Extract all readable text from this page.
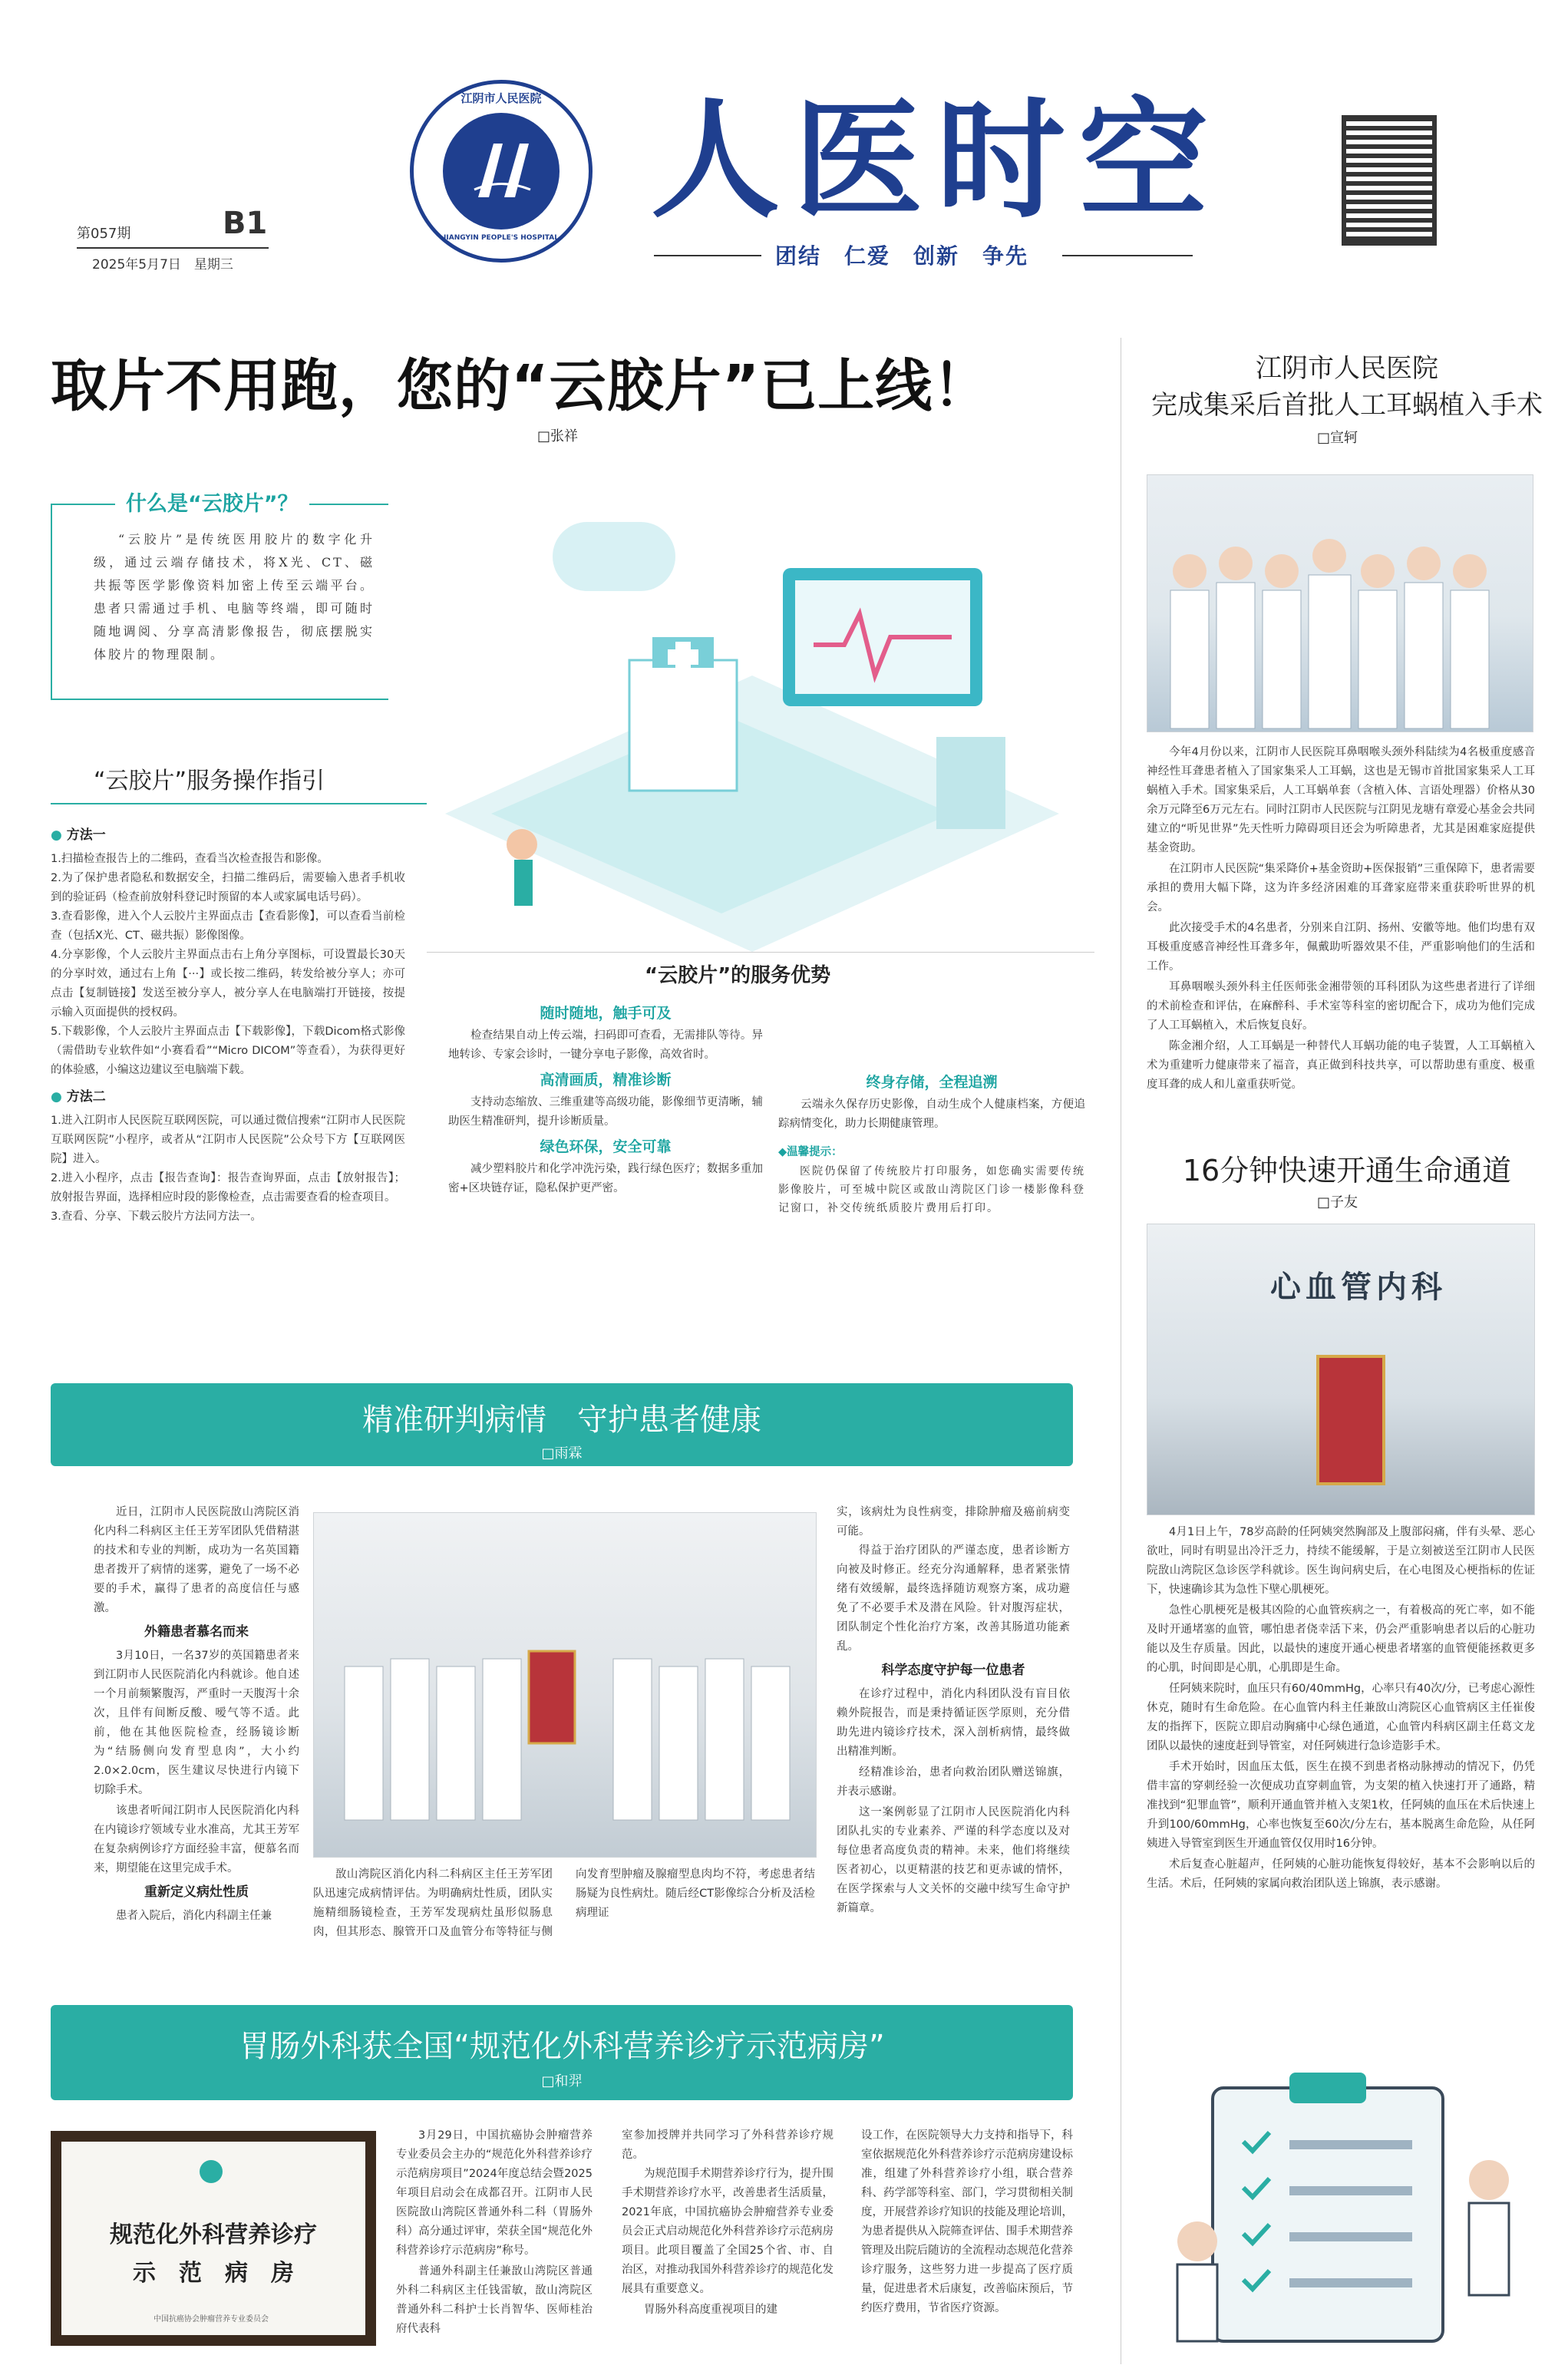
江阴市人民医院
JIANGYIN PEOPLE'S HOSPITAL
人医时空
团结　仁爱　创新　争先
第057期	B1
2025年5月7日　星期三
取片不用跑，您的“云胶片”已上线！
□张祥
什么是“云胶片”？
“云胶片”是传统医用胶片的数字化升级，通过云端存储技术，将X光、CT、磁共振等医学影像资料加密上传至云端平台。患者只需通过手机、电脑等终端，即可随时随地调阅、分享高清影像报告，彻底摆脱实体胶片的物理限制。
“云胶片”服务操作指引
● 方法一
1.扫描检查报告上的二维码，查看当次检查报告和影像。
2.为了保护患者隐私和数据安全，扫描二维码后，需要输入患者手机收到的验证码（检查前放射科登记时预留的本人或家属电话号码）。
3.查看影像，进入个人云胶片主界面点击【查看影像】，可以查看当前检查（包括X光、CT、磁共振）影像图像。
4.分享影像，个人云胶片主界面点击右上角分享图标，可设置最长30天的分享时效，通过右上角【···】或长按二维码，转发给被分享人；亦可点击【复制链接】发送至被分享人，被分享人在电脑端打开链接，按提示输入页面提供的授权码。
5.下载影像，个人云胶片主界面点击【下载影像】，下载Dicom格式影像（需借助专业软件如“小赛看看”“Micro DICOM”等查看），为获得更好的体验感，小编这边建议至电脑端下载。
● 方法二
1.进入江阴市人民医院互联网医院，可以通过微信搜索“江阴市人民医院互联网医院”小程序，或者从“江阴市人民医院”公众号下方【互联网医院】进入。
2.进入小程序，点击【报告查询】：报告查询界面，点击【放射报告】；放射报告界面，选择相应时段的影像检查，点击需要查看的检查项目。
3.查看、分享、下载云胶片方法同方法一。
“云胶片”的服务优势
随时随地，触手可及

检查结果自动上传云端，扫码即可查看，无需排队等待。异地转诊、专家会诊时，一键分享电子影像，高效省时。

高清画质，精准诊断

支持动态缩放、三维重建等高级功能，影像细节更清晰，辅助医生精准研判，提升诊断质量。

绿色环保，安全可靠

减少塑料胶片和化学冲洗污染，践行绿色医疗；数据多重加密+区块链存证，隐私保护更严密。

终身存储，全程追溯

云端永久保存历史影像，自动生成个人健康档案，方便追踪病情变化，助力长期健康管理。

◆温馨提示：
医院仍保留了传统胶片打印服务，如您确实需要传统影像胶片，可至城中院区或敔山湾院区门诊一楼影像科登记窗口，补交传统纸质胶片费用后打印。
江阴市人民医院
完成集采后首批人工耳蜗植入手术
□宣轲

今年4月份以来，江阴市人民医院耳鼻咽喉头颈外科陆续为4名极重度感音神经性耳聋患者植入了国家集采人工耳蜗，这也是无锡市首批国家集采人工耳蜗植入手术。国家集采后，人工耳蜗单套（含植入体、言语处理器）价格从30余万元降至6万元左右。同时江阴市人民医院与江阴见龙塘有章爱心基金会共同建立的“听见世界”先天性听力障碍项目还会为听障患者，尤其是困难家庭提供基金资助。

在江阴市人民医院“集采降价+基金资助+医保报销”三重保障下，患者需要承担的费用大幅下降，这为许多经济困难的耳聋家庭带来重获聆听世界的机会。

此次接受手术的4名患者，分别来自江阴、扬州、安徽等地。他们均患有双耳极重度感音神经性耳聋多年，佩戴助听器效果不佳，严重影响他们的生活和工作。

耳鼻咽喉头颈外科主任医师张金湘带领的耳科团队为这些患者进行了详细的术前检查和评估，在麻醉科、手术室等科室的密切配合下，成功为他们完成了人工耳蜗植入，术后恢复良好。

陈金湘介绍，人工耳蜗是一种替代人耳蜗功能的电子装置，人工耳蜗植入术为重建听力健康带来了福音，真正做到科技共享，可以帮助患有重度、极重度耳聋的成人和儿童重获听觉。

16分钟快速开通生命通道
□子友
心血管内科

4月1日上午，78岁高龄的任阿姨突然胸部及上腹部闷痛，伴有头晕、恶心欲吐，同时有明显出冷汗乏力，持续不能缓解，于是立刻被送至江阴市人民医院敔山湾院区急诊医学科就诊。医生询问病史后，在心电图及心梗指标的佐证下，快速确诊其为急性下壁心肌梗死。

急性心肌梗死是极其凶险的心血管疾病之一，有着极高的死亡率，如不能及时开通堵塞的血管，哪怕患者侥幸活下来，仍会严重影响患者以后的心脏功能以及生存质量。因此，以最快的速度开通心梗患者堵塞的血管便能拯救更多的心肌，时间即是心肌，心肌即是生命。

任阿姨来院时，血压只有60/40mmHg，心率只有40次/分，已考虑心源性休克，随时有生命危险。在心血管内科主任兼敔山湾院区心血管病区主任崔俊友的指挥下，医院立即启动胸痛中心绿色通道，心血管内科病区副主任葛文龙团队以最快的速度赶到导管室，对任阿姨进行急诊造影手术。

手术开始时，因血压太低，医生在摸不到患者格动脉搏动的情况下，仍凭借丰富的穿刺经验一次便成功直穿刺血管，为支架的植入快速打开了通路，精准找到“犯罪血管”，顺利开通血管并植入支架1枚，任阿姨的血压在术后快速上升到100/60mmHg，心率也恢复至60次/分左右，基本脱离生命危险，从任阿姨进入导管室到医生开通血管仅仅用时16分钟。

术后复查心脏超声，任阿姨的心脏功能恢复得较好，基本不会影响以后的生活。术后，任阿姨的家属向救治团队送上锦旗，表示感谢。

精准研判病情　守护患者健康
□雨霖

近日，江阴市人民医院敔山湾院区消化内科二科病区主任王芳军团队凭借精湛的技术和专业的判断，成功为一名英国籍患者拨开了病情的迷雾，避免了一场不必要的手术，赢得了患者的高度信任与感激。

外籍患者慕名而来

3月10日，一名37岁的英国籍患者来到江阴市人民医院消化内科就诊。他自述一个月前频繁腹泻，严重时一天腹泻十余次，且伴有间断反酸、嗳气等不适。此前，他在其他医院检查，经肠镜诊断为“结肠侧向发育型息肉”，大小约2.0×2.0cm，医生建议尽快进行内镜下切除手术。

该患者听闻江阴市人民医院消化内科在内镜诊疗领域专业水准高，尤其王芳军在复杂病例诊疗方面经验丰富，便慕名而来，期望能在这里完成手术。

重新定义病灶性质

患者入院后，消化内科副主任兼

敔山湾院区消化内科二科病区主任王芳军团队迅速完成病情评估。为明确病灶性质，团队实施精细肠镜检查，王芳军发现病灶虽形似肠息肉，但其形态、腺管开口及血管分布等特征与侧向发育型肿瘤及腺瘤型息肉均不符，考虑患者结肠疑为良性病灶。随后经CT影像综合分析及活检病理证
实，该病灶为良性病变，排除肿瘤及癌前病变可能。

得益于治疗团队的严谨态度，患者诊断方向被及时修正。经充分沟通解释，患者紧张情绪有效缓解，最终选择随访观察方案，成功避免了不必要手术及潜在风险。针对腹泻症状，团队制定个性化治疗方案，改善其肠道功能紊乱。

科学态度守护每一位患者

在诊疗过程中，消化内科团队没有盲目依赖外院报告，而是秉持循证医学原则，充分借助先进内镜诊疗技术，深入剖析病情，最终做出精准判断。

经精准诊治，患者向救治团队赠送锦旗，并表示感谢。

这一案例彰显了江阴市人民医院消化内科团队扎实的专业素养、严谨的科学态度以及对每位患者高度负责的精神。未来，他们将继续医者初心，以更精湛的技艺和更赤诚的情怀，在医学探索与人文关怀的交融中续写生命守护新篇章。

胃肠外科获全国“规范化外科营养诊疗示范病房”
□和羿
规范化外科营养诊疗
示　范　病　房
中国抗癌协会肿瘤营养专业委员会

3月29日，中国抗癌协会肿瘤营养专业委员会主办的“规范化外科营养诊疗示范病房项目”2024年度总结会暨2025年项目启动会在成都召开。江阴市人民医院敔山湾院区普通外科二科（胃肠外科）高分通过评审，荣获全国“规范化外科营养诊疗示范病房”称号。

普通外科副主任兼敔山湾院区普通外科二科病区主任钱雷敏，敔山湾院区普通外科二科护士长肖智华、医师桂治府代表科

室参加授牌并共同学习了外科营养诊疗规范。

为规范围手术期营养诊疗行为，提升围手术期营养诊疗水平，改善患者生活质量，2021年底，中国抗癌协会肿瘤营养专业委员会正式启动规范化外科营养诊疗示范病房项目。此项目覆盖了全国25个省、市、自治区，对推动我国外科营养诊疗的规范化发展具有重要意义。

胃肠外科高度重视项目的建

设工作，在医院领导大力支持和指导下，科室依据规范化外科营养诊疗示范病房建设标准，组建了外科营养诊疗小组，联合营养科、药学部等科室、部门，学习贯彻相关制度，开展营养诊疗知识的技能及理论培训，为患者提供从入院筛查评估、围手术期营养管理及出院后随访的全流程动态规范化营养诊疗服务，这些努力进一步提高了医疗质量，促进患者术后康复，改善临床预后，节约医疗费用，节省医疗资源。
